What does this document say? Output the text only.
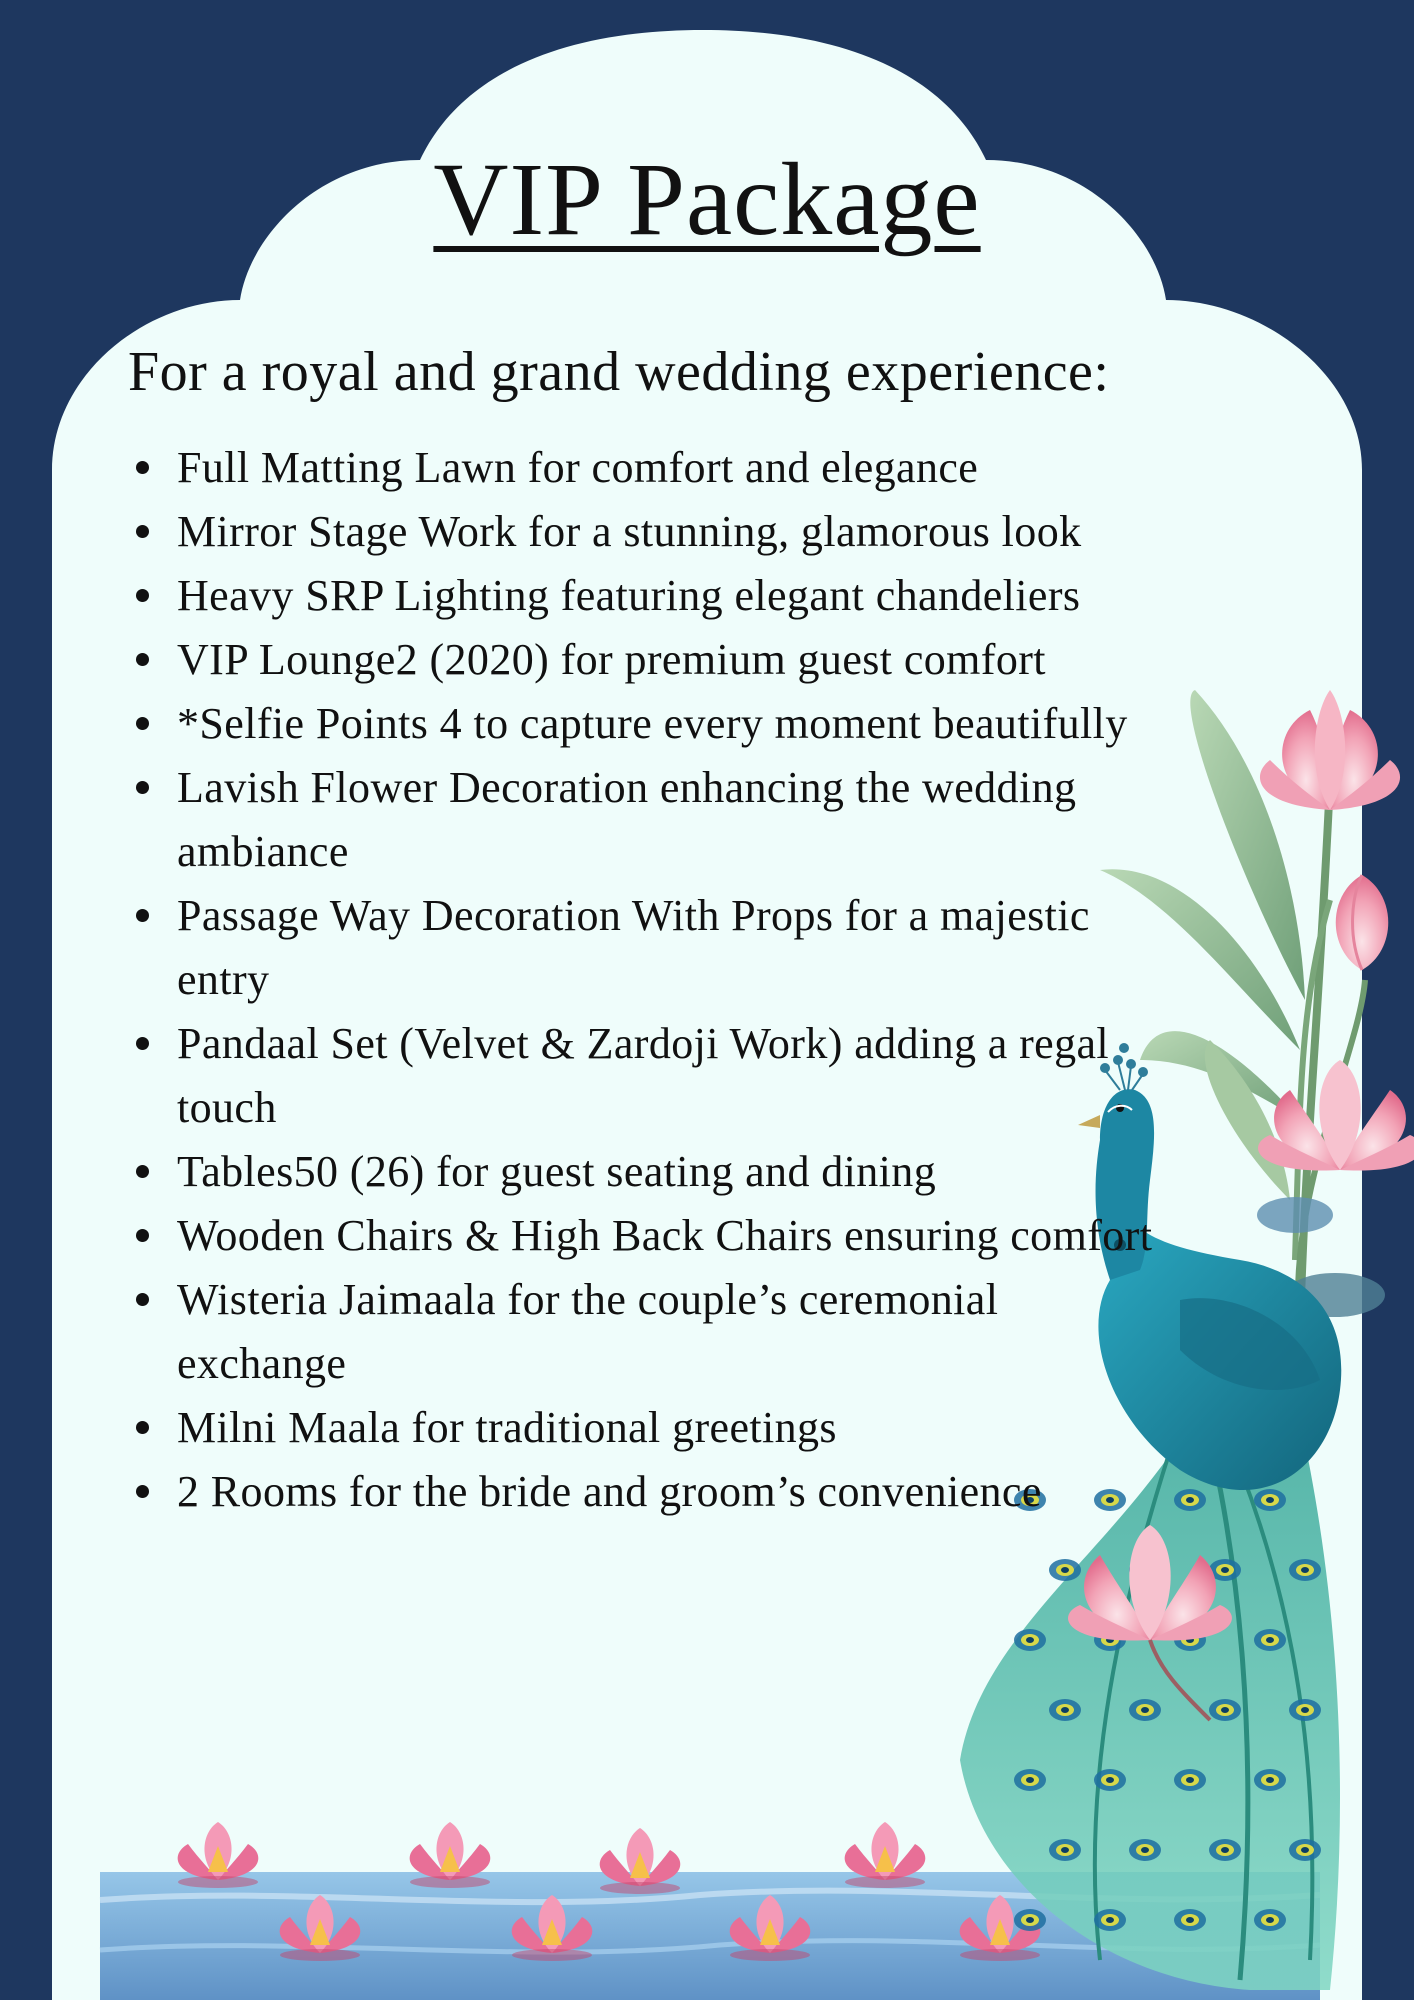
VIP Package
For a royal and grand wedding experience:
Full Matting Lawn for comfort and elegance
Mirror Stage Work for a stunning, glamorous look
Heavy SRP Lighting featuring elegant chandeliers
VIP Lounge2 (2020) for premium guest comfort
*Selfie Points 4 to capture every moment beautifully
Lavish Flower Decoration enhancing the wedding ambiance
Passage Way Decoration With Props for a majestic entry
Pandaal Set (Velvet & Zardoji Work) adding a regal touch
Tables50 (26) for guest seating and dining
Wooden Chairs & High Back Chairs ensuring comfort
Wisteria Jaimaala for the couple’s ceremonial exchange
Milni Maala for traditional greetings
2 Rooms for the bride and groom’s convenience
